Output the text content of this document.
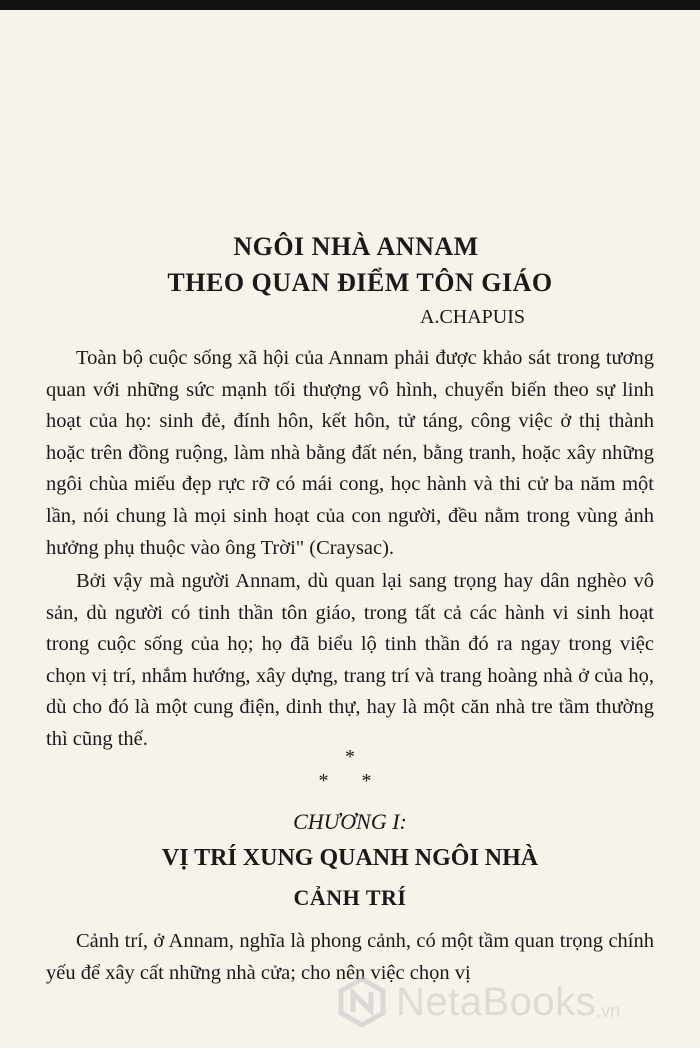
NGÔI NHÀ ANNAM
THEO QUAN ĐIỂM TÔN GIÁO

A.CHAPUIS

Toàn bộ cuộc sống xã hội của Annam phải được khảo sát trong tương quan với những sức mạnh tối thượng vô hình, chuyển biến theo sự linh hoạt của họ: sinh đẻ, đính hôn, kết hôn, tử táng, công việc ở thị thành hoặc trên đồng ruộng, làm nhà bằng đất nén, bằng tranh, hoặc xây những ngôi chùa miếu đẹp rực rỡ có mái cong, học hành và thi cử ba năm một lần, nói chung là mọi sinh hoạt của con người, đều nằm trong vùng ảnh hưởng phụ thuộc vào ông Trời" (Craysac).

Bởi vậy mà người Annam, dù quan lại sang trọng hay dân nghèo vô sản, dù người có tinh thần tôn giáo, trong tất cả các hành vi sinh hoạt trong cuộc sống của họ; họ đã biểu lộ tinh thần đó ra ngay trong việc chọn vị trí, nhắm hướng, xây dựng, trang trí và trang hoàng nhà ở của họ, dù cho đó là một cung điện, dinh thự, hay là một căn nhà tre tầm thường thì cũng thế.

*

* *

CHƯƠNG I:

VỊ TRÍ XUNG QUANH NGÔI NHÀ
CẢNH TRÍ

Cảnh trí, ở Annam, nghĩa là phong cảnh, có một tầm quan trọng chính yếu để xây cất những nhà cửa; cho nên việc chọn vị

NetaBooks .vn
